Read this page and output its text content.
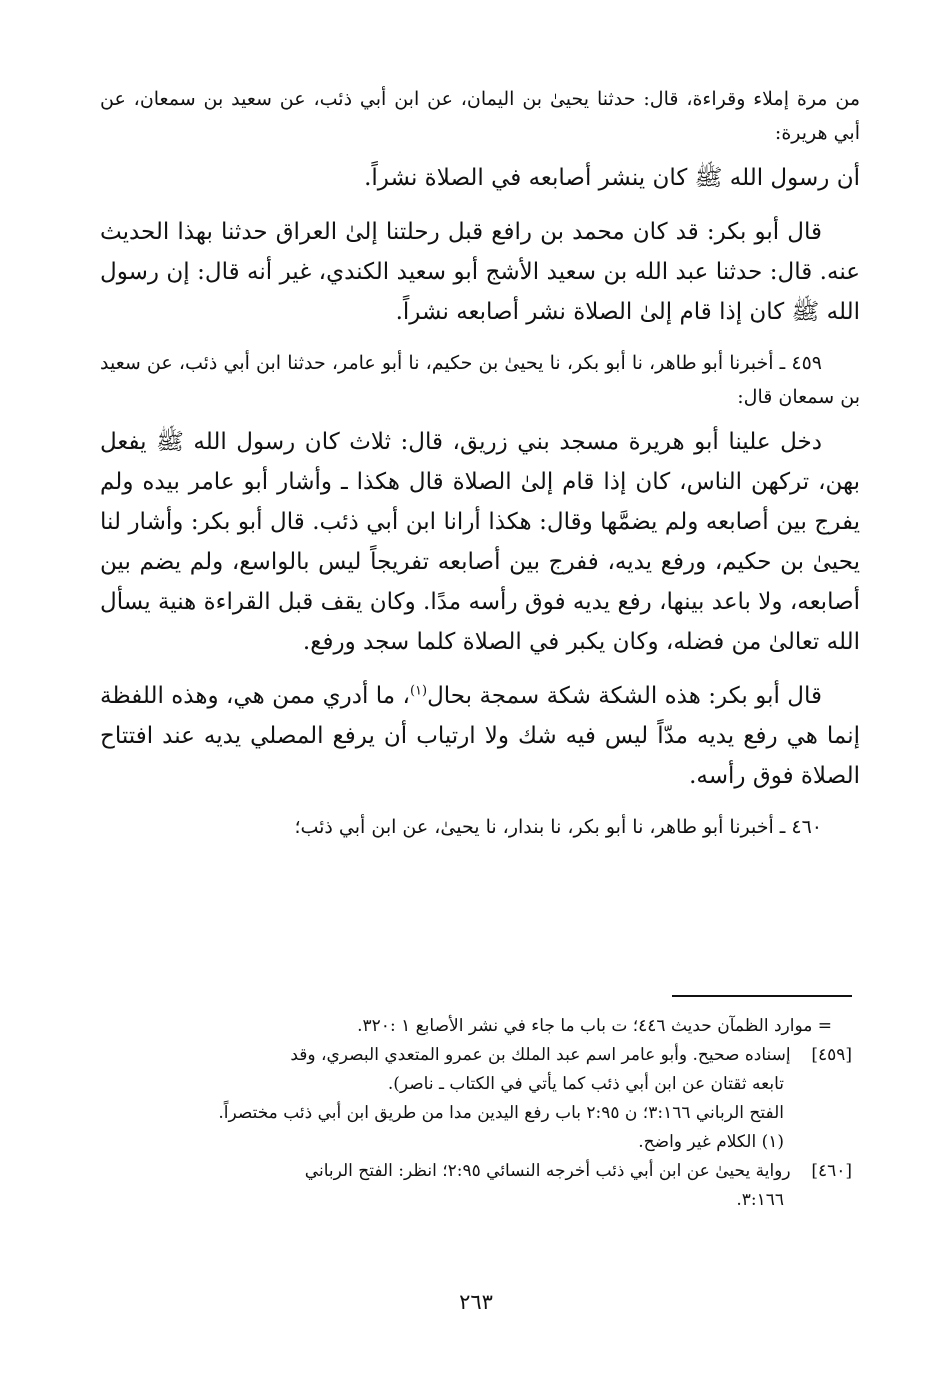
من مرة إملاء وقراءة، قال: حدثنا يحيىٰ بن اليمان، عن ابن أبي ذئب، عن سعيد بن سمعان، عن أبي هريرة:

أن رسول الله ﷺ كان ينشر أصابعه في الصلاة نشراً.

قال أبو بكر: قد كان محمد بن رافع قبل رحلتنا إلىٰ العراق حدثنا بهذا الحديث عنه. قال: حدثنا عبد الله بن سعيد الأشج أبو سعيد الكندي، غير أنه قال: إن رسول الله ﷺ كان إذا قام إلىٰ الصلاة نشر أصابعه نشراً.

٤٥٩ ـ أخبرنا أبو طاهر، نا أبو بكر، نا يحيىٰ بن حكيم، نا أبو عامر، حدثنا ابن أبي ذئب، عن سعيد بن سمعان قال:

دخل علينا أبو هريرة مسجد بني زريق، قال: ثلاث كان رسول الله ﷺ يفعل بهن، تركهن الناس، كان إذا قام إلىٰ الصلاة قال هكذا ـ وأشار أبو عامر بيده ولم يفرج بين أصابعه ولم يضمَّها وقال: هكذا أرانا ابن أبي ذئب. قال أبو بكر: وأشار لنا يحيىٰ بن حكيم، ورفع يديه، ففرج بين أصابعه تفريجاً ليس بالواسع، ولم يضم بين أصابعه، ولا باعد بينها، رفع يديه فوق رأسه مدًا. وكان يقف قبل القراءة هنية يسأل الله تعالىٰ من فضله، وكان يكبر في الصلاة كلما سجد ورفع.

قال أبو بكر: هذه الشكة شكة سمجة بحال$^{(١)}$، ما أدري ممن هي، وهذه اللفظة إنما هي رفع يديه مدّاً ليس فيه شك ولا ارتياب أن يرفع المصلي يديه عند افتتاح الصلاة فوق رأسه.

٤٦٠ ـ أخبرنا أبو طاهر، نا أبو بكر، نا بندار، نا يحيىٰ، عن ابن أبي ذئب؛

= موارد الظمآن حديث ٤٤٦؛ ت باب ما جاء في نشر الأصابع ١ :٣٢٠.

[٤٥٩] إسناده صحيح. وأبو عامر اسم عبد الملك بن عمرو المتعدي البصري، وقد

تابعه ثقتان عن ابن أبي ذئب كما يأتي في الكتاب ـ ناصر).

الفتح الرباني ٣:١٦٦؛ ن ٢:٩٥ باب رفع اليدين مدا من طريق ابن أبي ذئب مختصراً.

(١) الكلام غير واضح.

[٤٦٠] رواية يحيىٰ عن ابن أبي ذئب أخرجه النسائي ٢:٩٥؛ انظر: الفتح الرباني

٣:١٦٦.

٢٦٣
